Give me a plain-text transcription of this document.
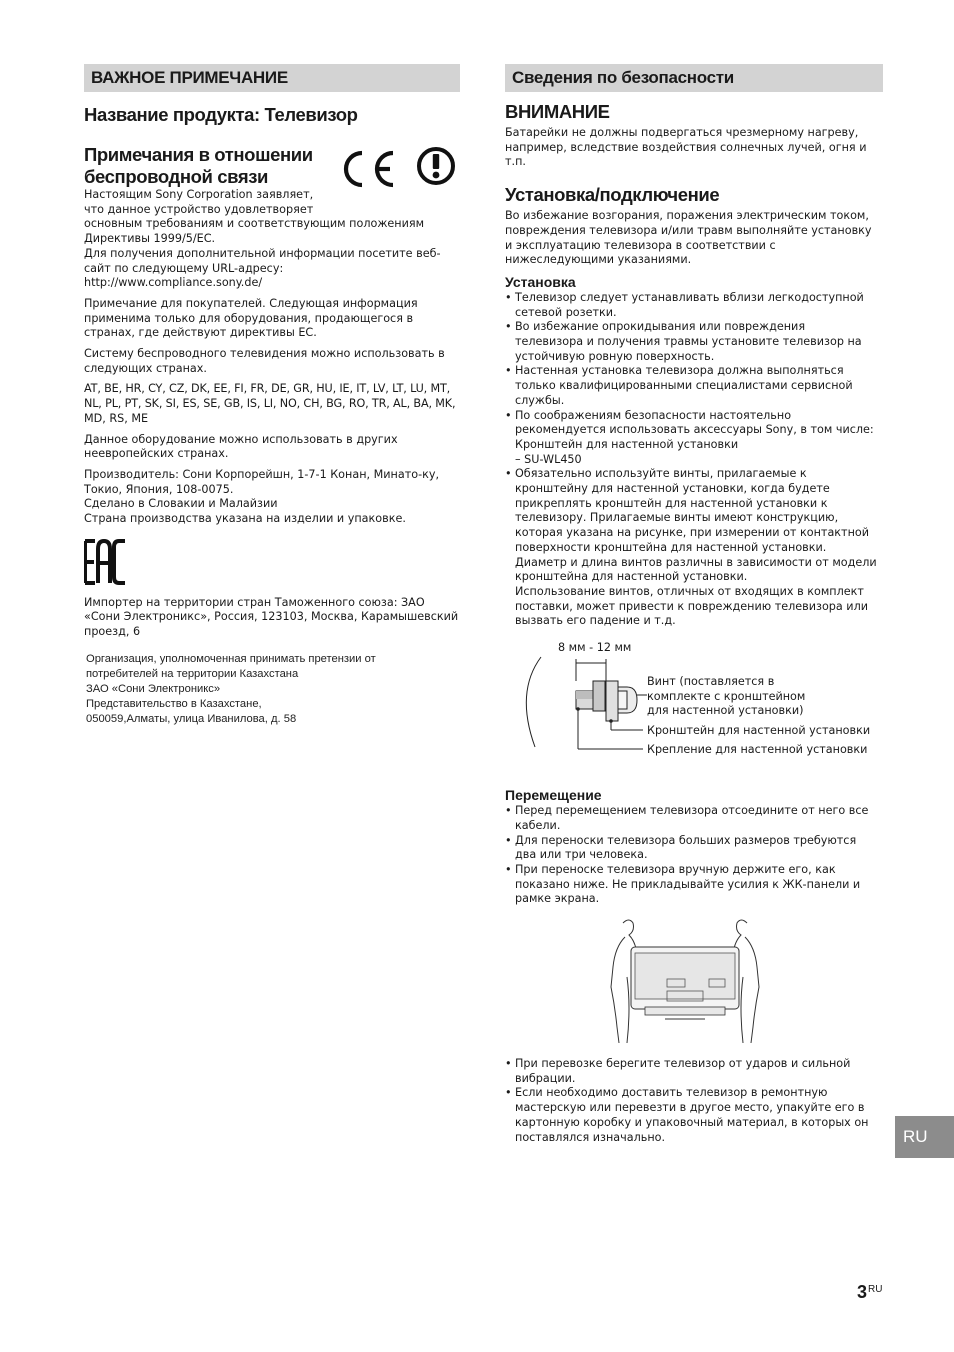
ВАЖНОЕ ПРИМЕЧАНИЕ
Название продукта: Телевизор
Примечания в отношении
беспроводной связи

Настоящим Sony Corporation заявляет,

что данное устройство удовлетворяет

основным требованиям и соответствующим положениям

Директивы 1999/5/ЕС.

Для получения дополнительной информации посетите веб-

сайт по следующему URL-адресу:

http://www.compliance.sony.de/

Примечание для покупателей. Следующая информация

применима только для оборудования, продающегося в

странах, где действуют директивы ЕС.

Систему беспроводного телевидения можно использовать в

следующих странах.

AT, BE, HR, CY, CZ, DK, EE, FI, FR, DE, GR, HU, IE, IT, LV, LT, LU, MT,

NL, PL, PT, SK, SI, ES, SE, GB, IS, LI, NO, CH, BG, RO, TR, AL, BA, MK,

MD, RS, ME

Данное оборудование можно использовать в других

неевропейских странах.

Производитель: Сони Корпорейшн, 1-7-1 Конан, Минато-ку,

Токио, Япония, 108-0075.

Сделано в Словакии и Малайзии

Страна производства указана на изделии и упаковке.

Импортер на территории стран Таможенного союза: ЗАО

«Сони Электроникс», Россия, 123103, Москва, Карамышевский

проезд, 6

Организация, уполномоченная принимать претензии от
потребителей на территории Казахстана
ЗАО «Сони Электроникс»
Представительство в Казахстане,
050059,Алматы, улица Иванилова, д. 58
Сведения по безопасности
ВНИМАНИЕ

Батарейки не должны подвергаться чрезмерному нагреву,

например, вследствие воздействия солнечных лучей, огня и

т.п.

Установка/подключение

Во избежание возгорания, поражения электрическим током,

повреждения телевизора и/или травм выполняйте установку

и эксплуатацию телевизора в соответствии с

нижеследующими указаниями.

Установка
• Телевизор следует устанавливать вблизи легкодоступной
сетевой розетки.
• Во избежание опрокидывания или повреждения
телевизора и получения травмы установите телевизор на
устойчивую ровную поверхность.
• Настенная установка телевизора должна выполняться
только квалифицированными специалистами сервисной
службы.
• По соображениям безопасности настоятельно
рекомендуется использовать аксессуары Sony, в том числе:
Кронштейн для настенной установки
– SU-WL450
• Обязательно используйте винты, прилагаемые к
кронштейну для настенной установки, когда будете
прикреплять кронштейн для настенной установки к
телевизору. Прилагаемые винты имеют конструкцию,
которая указана на рисунке, при измерении от контактной
поверхности кронштейна для настенной установки.
Диаметр и длина винтов различны в зависимости от модели
кронштейна для настенной установки.
Использование винтов, отличных от входящих в комплект
поставки, может привести к повреждению телевизора или
вызвать его падение и т.д.
8 мм - 12 мм
Винт (поставляется в
комплекте с кронштейном
для настенной установки)
Кронштейн для настенной установки
Крепление для настенной установки
Перемещение
• Перед перемещением телевизора отсоедините от него все
кабели.
• Для переноски телевизора больших размеров требуются
два или три человека.
• При переноске телевизора вручную держите его, как
показано ниже. Не прикладывайте усилия к ЖК-панели и
рамке экрана.
• При перевозке берегите телевизор от ударов и сильной
вибрации.
• Если необходимо доставить телевизор в ремонтную
мастерскую или перевезти в другое место, упакуйте его в
картонную коробку и упаковочный материал, в которых он
поставлялся изначально.	RU
$3^{RU}$
